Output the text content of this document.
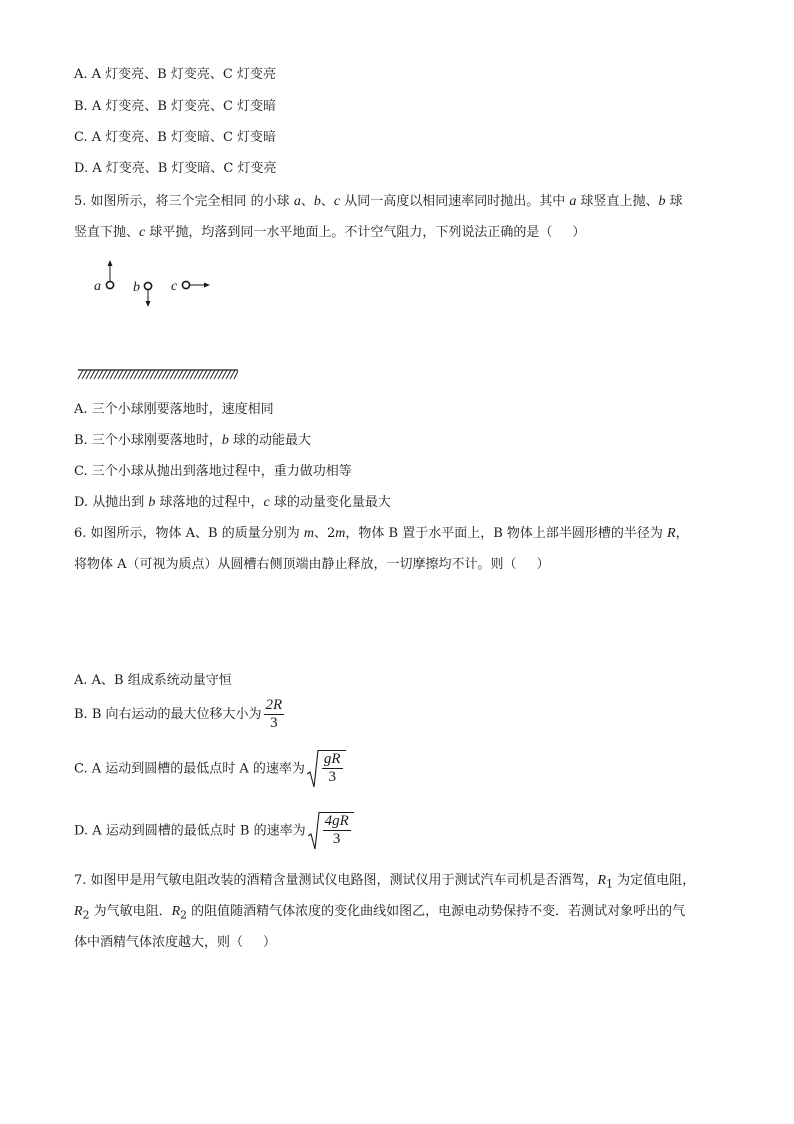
A. A 灯变亮、B 灯变亮、C 灯变亮
B. A 灯变亮、B 灯变亮、C 灯变暗
C. A 灯变亮、B 灯变暗、C 灯变暗
D. A 灯变亮、B 灯变暗、C 灯变亮
5. 如图所示，将三个完全相同 的小球 a、b、c 从同一高度以相同速率同时抛出。其中 a 球竖直上抛、b 球
竖直下抛、c 球平抛，均落到同一水平地面上。不计空气阻力，下列说法正确的是（ ）
a b c
A. 三个小球刚要落地时，速度相同
B. 三个小球刚要落地时，b 球的动能最大
C. 三个小球从抛出到落地过程中，重力做功相等
D. 从抛出到 b 球落地的过程中，c 球的动量变化量最大
6. 如图所示，物体 A、B 的质量分别为 m、2m，物体 B 置于水平面上，B 物体上部半圆形槽的半径为 R，
将物体 A（可视为质点）从圆槽右侧顶端由静止释放，一切摩擦均不计。则（ ）
A. A、B 组成系统动量守恒
B. B 向右运动的最大位移大小为 $\frac{2R}{3}$
C. A 运动到圆槽的最低点时 A 的速率为 $\frac{gR}{3}$
D. A 运动到圆槽的最低点时 B 的速率为 $\frac{4gR}{3}$
7. 如图甲是用气敏电阻改装的酒精含量测试仪电路图，测试仪用于测试汽车司机是否酒驾，$R_1$ 为定值电阻，
$R_2$ 为气敏电阻．$R_2$ 的阻值随酒精气体浓度的变化曲线如图乙，电源电动势保持不变．若测试对象呼出的气
体中酒精气体浓度越大，则（ ）
